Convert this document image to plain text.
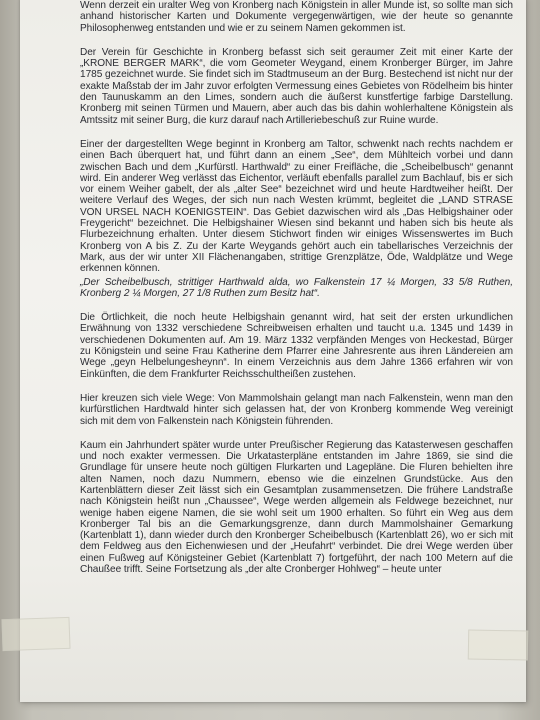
Wenn derzeit ein uralter Weg von Kronberg nach Königstein in aller Munde ist, so sollte man sich anhand historischer Karten und Dokumente vergegenwärtigen, wie der heute so genannte Philosophenweg entstanden und wie er zu seinem Namen gekommen ist.

Der Verein für Geschichte in Kronberg befasst sich seit geraumer Zeit mit einer Karte der „KRONE BERGER MARK“, die vom Geometer Weygand, einem Kronberger Bürger, im Jahre 1785 gezeichnet wurde. Sie findet sich im Stadtmuseum an der Burg. Bestechend ist nicht nur der exakte Maßstab der im Jahr zuvor erfolgten Vermessung eines Gebietes von Rödelheim bis hinter den Taunuskamm an den Limes, sondern auch die äußerst kunstfertige farbige Darstellung. Kronberg mit seinen Türmen und Mauern, aber auch das bis dahin wohlerhaltene Königstein als Amtssitz mit seiner Burg, die kurz darauf nach Artilleriebeschuß zur Ruine wurde.

Einer der dargestellten Wege beginnt in Kronberg am Taltor, schwenkt nach rechts nachdem er einen Bach überquert hat, und führt dann an einem „See“, dem Mühlteich vorbei und dann zwischen Bach und dem „Kurfürstl. Harthwald“ zu einer Freifläche, die „Scheibelbusch“ genannt wird. Ein anderer Weg verlässt das Eichentor, verläuft ebenfalls parallel zum Bachlauf, bis er sich vor einem Weiher gabelt, der als „alter See“ bezeichnet wird und heute Hardtweiher heißt. Der weitere Verlauf des Weges, der sich nun nach Westen krümmt, begleitet die „LAND STRASE VON URSEL NACH KOENIGSTEIN“. Das Gebiet dazwischen wird als „Das Helbigshainer oder Freygericht“ bezeichnet. Die Helbigshainer Wiesen sind bekannt und haben sich bis heute als Flurbezeichnung erhalten. Unter diesem Stichwort finden wir einiges Wissenswertes im Buch Kronberg von A bis Z. Zu der Karte Weygands gehört auch ein tabellarisches Verzeichnis der Mark, aus der wir unter XII Flächenangaben, strittige Grenzplätze, Öde, Waldplätze und Wege erkennen können.

„Der Scheibelbusch, strittiger Harthwald alda, wo Falkenstein 17 ¼ Morgen, 33 5/8 Ruthen, Kronberg 2 ¼ Morgen, 27 1/8 Ruthen zum Besitz hat“.

Die Örtlichkeit, die noch heute Helbigshain genannt wird, hat seit der ersten urkundlichen Erwähnung von 1332 verschiedene Schreibweisen erhalten und taucht u.a. 1345 und 1439 in verschiedenen Dokumenten auf. Am 19. März 1332 verpfänden Menges von Heckestad, Bürger zu Königstein und seine Frau Katherine dem Pfarrer eine Jahresrente aus ihren Ländereien am Wege „geyn Helbelungesheynn“. In einem Verzeichnis aus dem Jahre 1366 erfahren wir von Einkünften, die dem Frankfurter Reichsschultheißen zustehen.

Hier kreuzen sich viele Wege: Von Mammolshain gelangt man nach Falkenstein, wenn man den kurfürstlichen Hardtwald hinter sich gelassen hat, der von Kronberg kommende Weg vereinigt sich mit dem von Falkenstein nach Königstein führenden.

Kaum ein Jahrhundert später wurde unter Preußischer Regierung das Katasterwesen geschaffen und noch exakter vermessen. Die Urkatasterpläne entstanden im Jahre 1869, sie sind die Grundlage für unsere heute noch gültigen Flurkarten und Lagepläne. Die Fluren behielten ihre alten Namen, noch dazu Nummern, ebenso wie die einzelnen Grundstücke. Aus den Kartenblättern dieser Zeit lässt sich ein Gesamtplan zusammensetzen. Die frühere Landstraße nach Königstein heißt nun „Chaussee“, Wege werden allgemein als Feldwege bezeichnet, nur wenige haben eigene Namen, die sie wohl seit um 1900 erhalten. So führt ein Weg aus dem Kronberger Tal bis an die Gemarkungsgrenze, dann durch Mammolshainer Gemarkung (Kartenblatt 1), dann wieder durch den Kronberger Scheibelbusch (Kartenblatt 26), wo er sich mit dem Feldweg aus den Eichenwiesen und der „Heufahrt“ verbindet. Die drei Wege werden über einen Fußweg auf Königsteiner Gebiet (Kartenblatt 7) fortgeführt, der nach 100 Metern auf die Chaußee trifft. Seine Fortsetzung als „der alte Cronberger Hohlweg“ – heute unter
